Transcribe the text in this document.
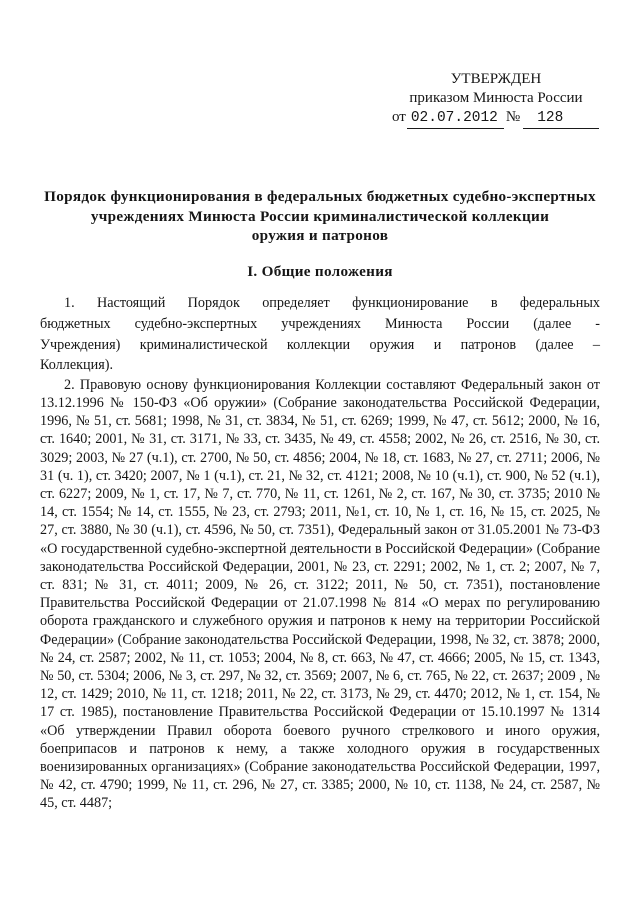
УТВЕРЖДЕН
приказом Минюста России
от 02.07.2012 № 128
Порядок функционирования в федеральных бюджетных судебно-экспертных
учреждениях Минюста России криминалистической коллекции
оружия и патронов
I. Общие положения
1. Настоящий Порядок определяет функционирование в федеральных
бюджетных судебно-экспертных учреждениях Минюста России (далее -
Учреждения) криминалистической коллекции оружия и патронов (далее –
Коллекция).

2. Правовую основу функционирования Коллекции составляют Федеральный закон от 13.12.1996 № 150-ФЗ «Об оружии» (Собрание законодательства Российской Федерации, 1996, № 51, ст. 5681; 1998, № 31, ст. 3834, № 51, ст. 6269; 1999, № 47, ст. 5612; 2000, № 16, ст. 1640; 2001, № 31, ст. 3171, № 33, ст. 3435, № 49, ст. 4558; 2002, № 26, ст. 2516, № 30, ст. 3029; 2003, № 27 (ч.1), ст. 2700, № 50, ст. 4856; 2004, № 18, ст. 1683, № 27, ст. 2711; 2006, № 31 (ч. 1), ст. 3420; 2007, № 1 (ч.1), ст. 21, № 32, ст. 4121; 2008, № 10 (ч.1), ст. 900, № 52 (ч.1), ст. 6227; 2009, № 1, ст. 17, № 7, ст. 770, № 11, ст. 1261, № 2, ст. 167, № 30, ст. 3735; 2010 № 14, ст. 1554; № 14, ст. 1555, № 23, ст. 2793; 2011, №1, ст. 10, № 1, ст. 16, № 15, ст. 2025, № 27, ст. 3880, № 30 (ч.1), ст. 4596, № 50, ст. 7351), Федеральный закон от 31.05.2001 № 73-ФЗ «О государственной судебно-экспертной деятельности в Российской Федерации» (Собрание законодательства Российской Федерации, 2001, № 23, ст. 2291; 2002, № 1, ст. 2; 2007, № 7, ст. 831; № 31, ст. 4011; 2009, № 26, ст. 3122; 2011, № 50, ст. 7351), постановление Правительства Российской Федерации от 21.07.1998 № 814 «О мерах по регулированию оборота гражданского и служебного оружия и патронов к нему на территории Российской Федерации» (Собрание законодательства Российской Федерации, 1998, № 32, ст. 3878; 2000, № 24, ст. 2587; 2002, № 11, ст. 1053; 2004, № 8, ст. 663, № 47, ст. 4666; 2005, № 15, ст. 1343, № 50, ст. 5304; 2006, № 3, ст. 297, № 32, ст. 3569; 2007, № 6, ст. 765, № 22, ст. 2637; 2009 , № 12, ст. 1429; 2010, № 11, ст. 1218; 2011, № 22, ст. 3173, № 29, ст. 4470; 2012, № 1, ст. 154, № 17 ст. 1985), постановление Правительства Российской Федерации от 15.10.1997 № 1314 «Об утверждении Правил оборота боевого ручного стрелкового и иного оружия, боеприпасов и патронов к нему, а также холодного оружия в государственных военизированных организациях» (Собрание законодательства Российской Федерации, 1997, № 42, ст. 4790; 1999, № 11, ст. 296, № 27, ст. 3385; 2000, № 10, ст. 1138, № 24, ст. 2587, № 45, ст. 4487;
